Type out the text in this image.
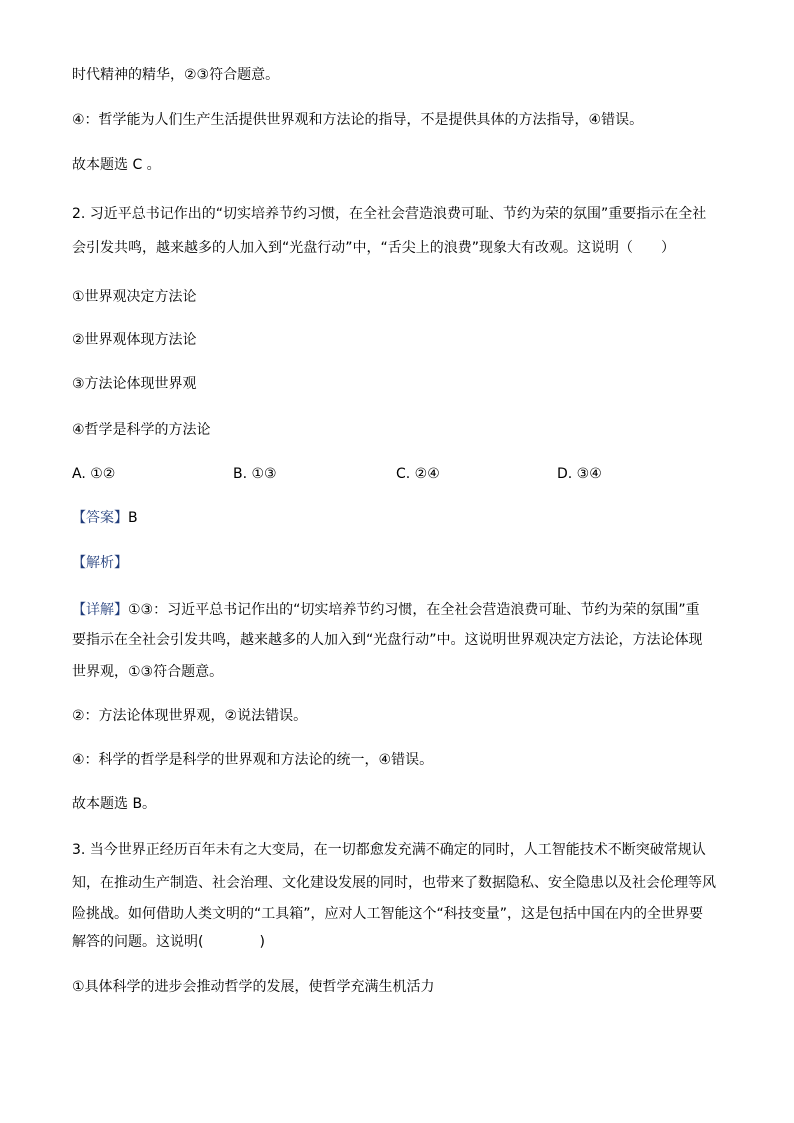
时代精神的精华，②③符合题意。
④：哲学能为人们生产生活提供世界观和方法论的指导，不是提供具体的方法指导，④错误。
故本题选 C 。
2. 习近平总书记作出的“切实培养节约习惯，在全社会营造浪费可耻、节约为荣的氛围”重要指示在全社
会引发共鸣，越来越多的人加入到“光盘行动”中，“舌尖上的浪费”现象大有改观。这说明（　　）
①世界观决定方法论
②世界观体现方法论
③方法论体现世界观
④哲学是科学的方法论
A. ①②	B. ①③	C. ②④	D. ③④
【答案】B
【解析】
【详解】①③：习近平总书记作出的“切实培养节约习惯，在全社会营造浪费可耻、节约为荣的氛围”重
要指示在全社会引发共鸣，越来越多的人加入到“光盘行动”中。这说明世界观决定方法论，方法论体现
世界观，①③符合题意。
②：方法论体现世界观，②说法错误。
④：科学的哲学是科学的世界观和方法论的统一，④错误。
故本题选 B。
3. 当今世界正经历百年未有之大变局，在一切都愈发充满不确定的同时，人工智能技术不断突破常规认
知，在推动生产制造、社会治理、文化建设发展的同时，也带来了数据隐私、安全隐患以及社会伦理等风
险挑战。如何借助人类文明的“工具箱”，应对人工智能这个“科技变量”，这是包括中国在内的全世界要
解答的问题。这说明(　　　　)
①具体科学的进步会推动哲学的发展，使哲学充满生机活力
